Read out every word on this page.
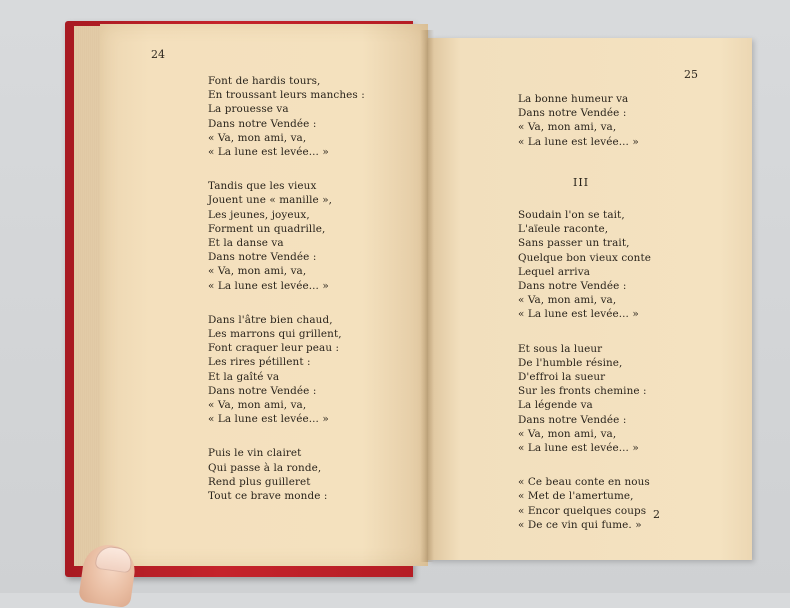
24
25
Font de hardis tours,
En troussant leurs manches :
La prouesse va
Dans notre Vendée :
« Va, mon ami, va,
« La lune est levée... »
Tandis que les vieux
Jouent une « manille »,
Les jeunes, joyeux,
Forment un quadrille,
Et la danse va
Dans notre Vendée :
« Va, mon ami, va,
« La lune est levée... »
Dans l'âtre bien chaud,
Les marrons qui grillent,
Font craquer leur peau :
Les rires pétillent :
Et la gaîté va
Dans notre Vendée :
« Va, mon ami, va,
« La lune est levée... »
Puis le vin clairet
Qui passe à la ronde,
Rend plus guilleret
Tout ce brave monde :
La bonne humeur va
Dans notre Vendée :
« Va, mon ami, va,
« La lune est levée... »
III
Soudain l'on se tait,
L'aïeule raconte,
Sans passer un trait,
Quelque bon vieux conte
Lequel arriva
Dans notre Vendée :
« Va, mon ami, va,
« La lune est levée... »
Et sous la lueur
De l'humble résine,
D'effroi la sueur
Sur les fronts chemine :
La légende va
Dans notre Vendée :
« Va, mon ami, va,
« La lune est levée... »
« Ce beau conte en nous
« Met de l'amertume,
« Encor quelques coups
« De ce vin qui fume. »
2
